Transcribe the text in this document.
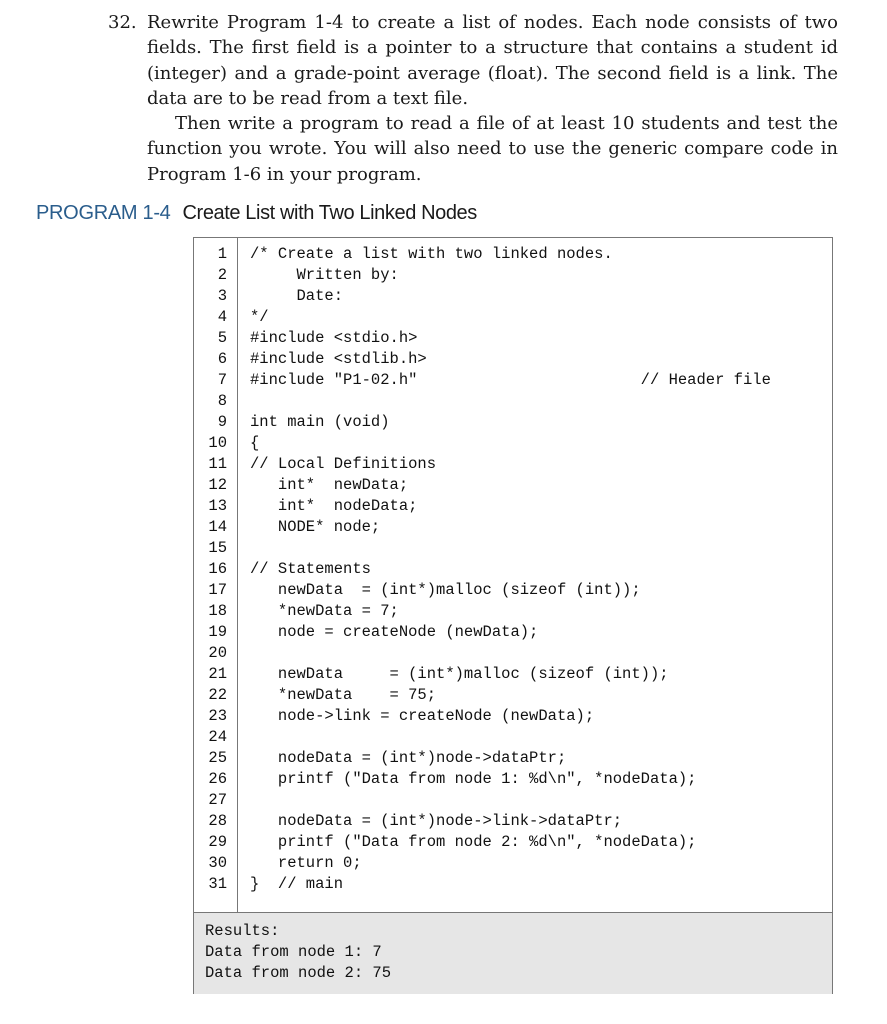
32. Rewrite Program 1-4 to create a list of nodes. Each node consists of two fields. The first field is a pointer to a structure that contains a student id (integer) and a grade-point average (float). The second field is a link. The data are to be read from a text file.

Then write a program to read a file of at least 10 students and test the function you wrote. You will also need to use the generic compare code in Program 1-6 in your program.

PROGRAM 1-4 Create List with Two Linked Nodes
1 /* Create a list with two linked nodes.
2 Written by:
3 Date:
4 */
5 #include <stdio.h>
6 #include <stdlib.h>
7 #include "P1-02.h"                        // Header file
8
9 int main (void)
10 {
11 // Local Definitions
12 int*  newData;
13 int*  nodeData;
14 NODE* node;
15
16 // Statements
17 newData  = (int*)malloc (sizeof (int));
18 *newData = 7;
19 node = createNode (newData);
20
21 newData     = (int*)malloc (sizeof (int));
22 *newData    = 75;
23 node->link = createNode (newData);
24
25 nodeData = (int*)node->dataPtr;
26 printf ("Data from node 1: %d\n", *nodeData);
27
28 nodeData = (int*)node->link->dataPtr;
29 printf ("Data from node 2: %d\n", *nodeData);
30 return 0;
31 }  // main
Results:
Data from node 1: 7
Data from node 2: 75
